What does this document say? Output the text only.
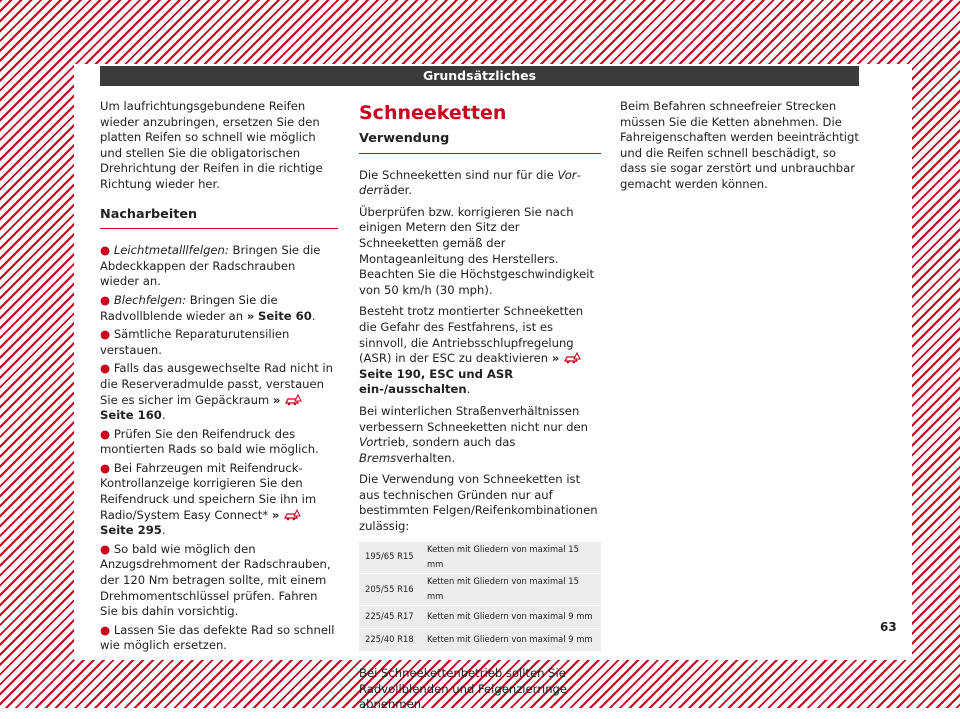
Grundsätzliches

Um laufrichtungsgebundene Reifen wieder anzubringen, ersetzen Sie den platten Reifen so schnell wie möglich und stellen Sie die obligatorischen Drehrichtung der Reifen in die richtige Richtung wieder her.

Nacharbeiten
● Leichtmetalllfelgen: Bringen Sie die Abdeckkappen der Radschrauben wieder an.
● Blechfelgen: Bringen Sie die Radvollblende wieder an » Seite 60.
● Sämtliche Reparaturutensilien verstauen.
● Falls das ausgewechselte Rad nicht in die Reserveradmulde passt, verstauen Sie es sicher im Gepäckraum »  Seite 160.
● Prüfen Sie den Reifendruck des montierten Rads so bald wie möglich.
● Bei Fahrzeugen mit Reifendruck-Kontrollanzeige korrigieren Sie den Reifendruck und speichern Sie ihn im Radio/System Easy Connect* »  Seite 295.
● So bald wie möglich den Anzugsdrehmoment der Radschrauben, der 120 Nm betragen sollte, mit einem Drehmomentschlüssel prüfen. Fahren Sie bis dahin vorsichtig.
● Lassen Sie das defekte Rad so schnell wie möglich ersetzen.
Schneeketten
Verwendung

Die Schneeketten sind nur für die Vorderräder.

Überprüfen bzw. korrigieren Sie nach einigen Metern den Sitz der Schneeketten gemäß der Montageanleitung des Herstellers. Beachten Sie die Höchstgeschwindigkeit von 50 km/h (30 mph).

Besteht trotz montierter Schneeketten die Gefahr des Festfahrens, ist es sinnvoll, die Antriebsschlupfregelung (ASR) in der ESC zu deaktivieren »  Seite 190, ESC und ASR ein-/ausschalten.

Bei winterlichen Straßenverhältnissen verbessern Schneeketten nicht nur den Vortrieb, sondern auch das Bremsverhalten.

Die Verwendung von Schneeketten ist aus technischen Gründen nur auf bestimmten Felgen/Reifenkombinationen zulässig:

195/65 R15	Ketten mit Gliedern von maximal 15 mm
205/55 R16	Ketten mit Gliedern von maximal 15 mm
225/45 R17	Ketten mit Gliedern von maximal 9 mm
225/40 R18	Ketten mit Gliedern von maximal 9 mm

Bei Schneekettenbetrieb sollten Sie Radvollblenden und Felgenzierringe abnehmen.

Beim Befahren schneefreier Strecken müssen Sie die Ketten abnehmen. Die Fahreigenschaften werden beeinträchtigt und die Reifen schnell beschädigt, so dass sie sogar zerstört und unbrauchbar gemacht werden können.

63
